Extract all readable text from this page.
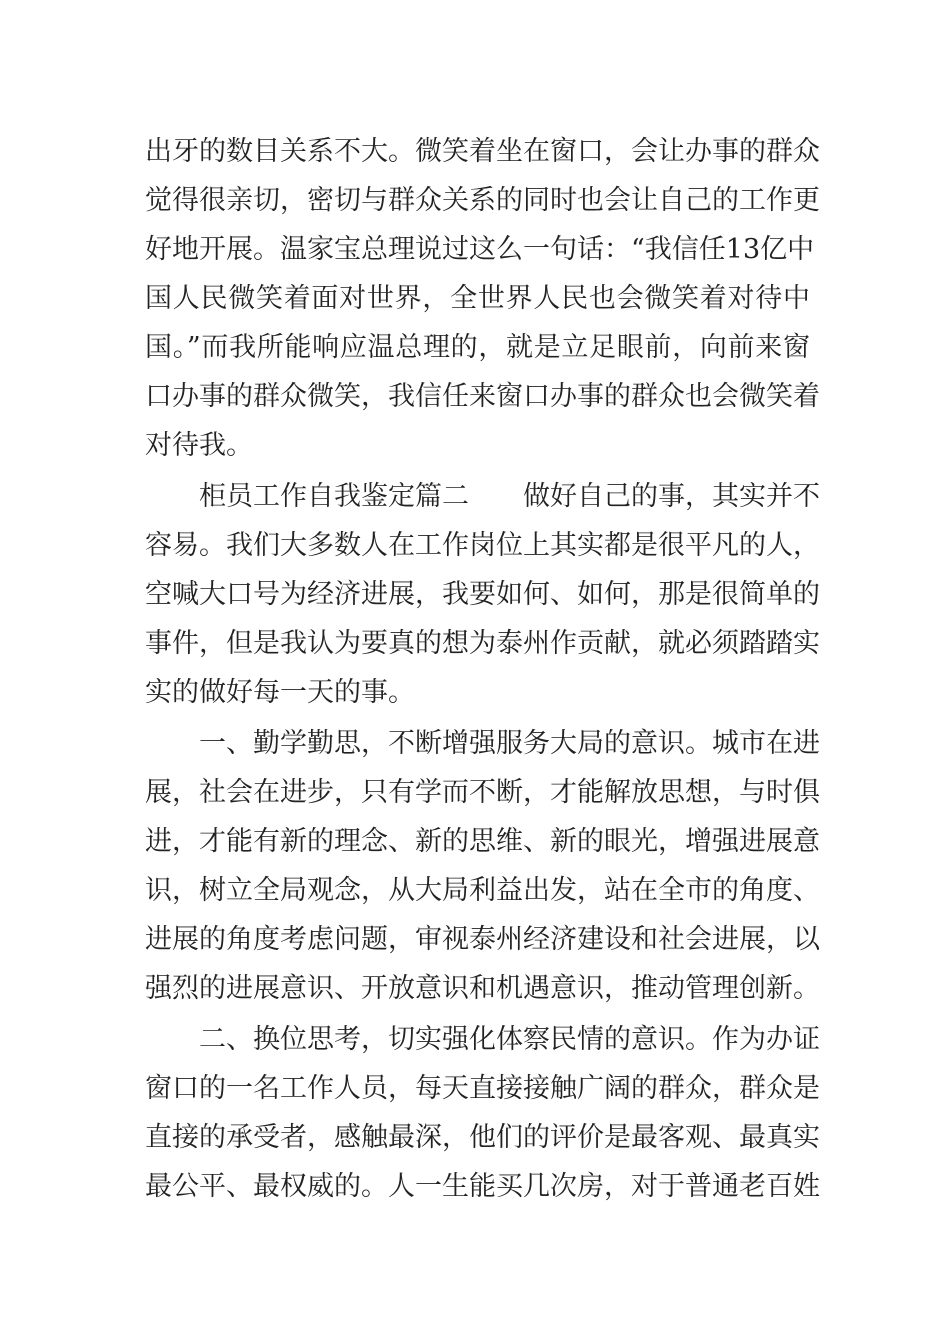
出牙的数目关系不大。微笑着坐在窗口，会让办事的群众

觉得很亲切，密切与群众关系的同时也会让自己的工作更

好地开展。温家宝总理说过这么一句话：“我信任13亿中

国人民微笑着面对世界，全世界人民也会微笑着对待中

国。”而我所能响应温总理的，就是立足眼前，向前来窗

口办事的群众微笑，我信任来窗口办事的群众也会微笑着

对待我。

　　柜员工作自我鉴定篇二　　做好自己的事，其实并不

容易。我们大多数人在工作岗位上其实都是很平凡的人，

空喊大口号为经济进展，我要如何、如何，那是很简单的

事件，但是我认为要真的想为泰州作贡献，就必须踏踏实

实的做好每一天的事。

　　一、勤学勤思，不断增强服务大局的意识。城市在进

展，社会在进步，只有学而不断，才能解放思想，与时俱

进，才能有新的理念、新的思维、新的眼光，增强进展意

识，树立全局观念，从大局利益出发，站在全市的角度、

进展的角度考虑问题，审视泰州经济建设和社会进展，以

强烈的进展意识、开放意识和机遇意识，推动管理创新。

　　二、换位思考，切实强化体察民情的意识。作为办证

窗口的一名工作人员，每天直接接触广阔的群众，群众是

直接的承受者，感触最深，他们的评价是最客观、最真实

最公平、最权威的。人一生能买几次房，对于普通老百姓
